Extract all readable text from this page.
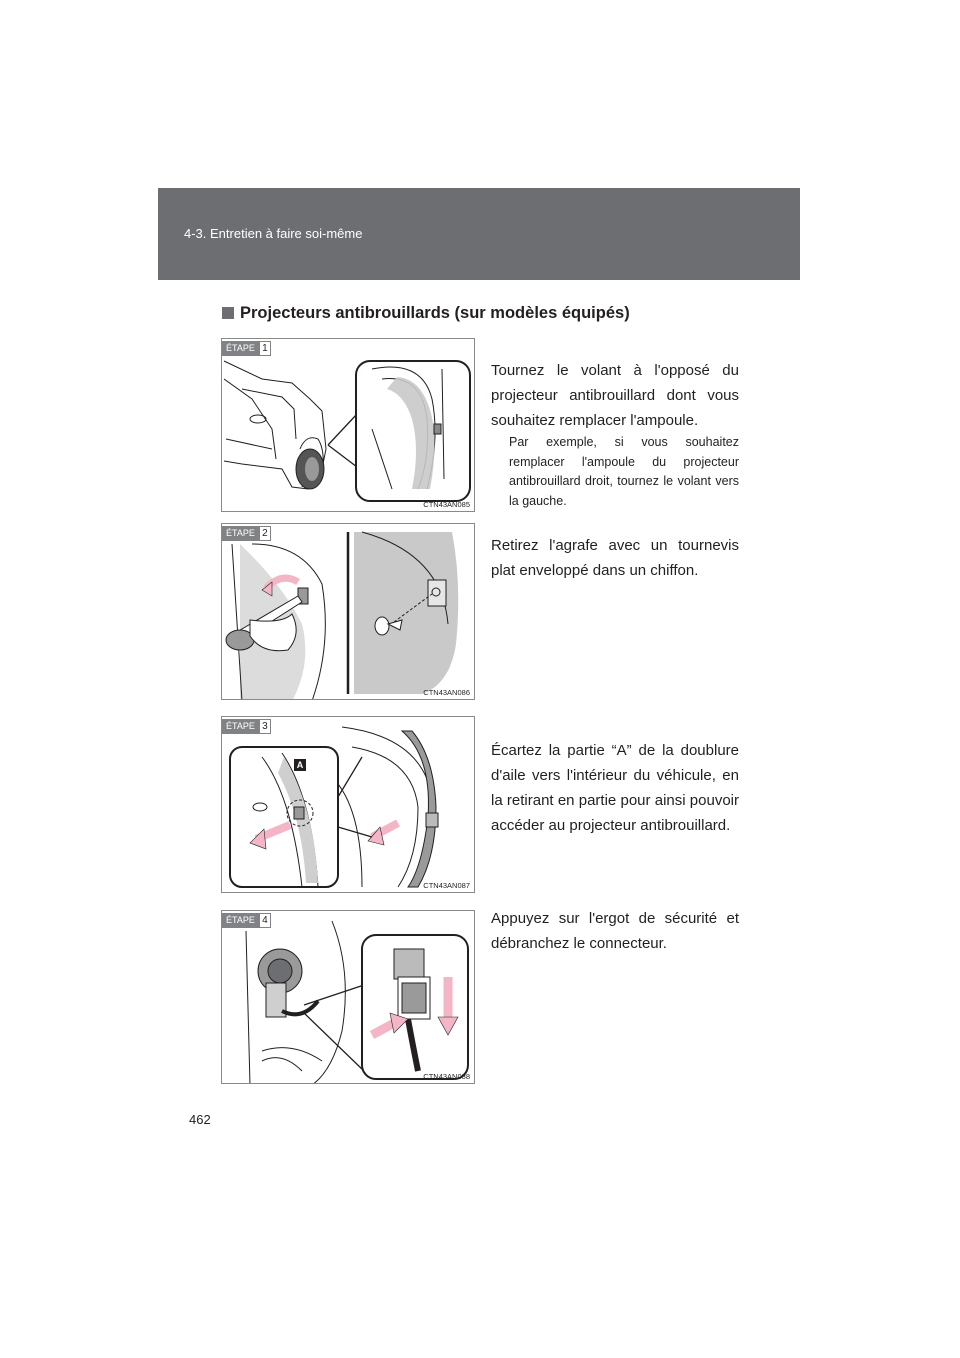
4-3. Entretien à faire soi-même
Projecteurs antibrouillards (sur modèles équipés)
ÉTAPE 1
CTN43AN085
Tournez le volant à l'opposé du projecteur antibrouillard dont vous souhaitez remplacer l'ampoule.
Par exemple, si vous souhaitez remplacer l'ampoule du projecteur antibrouillard droit, tournez le volant vers la gauche.
ÉTAPE 2
CTN43AN086
Retirez l'agrafe avec un tournevis plat enveloppé dans un chiffon.
ÉTAPE 3
CTN43AN087
A
Écartez la partie “A” de la doublure d'aile vers l'intérieur du véhicule, en la retirant en partie pour ainsi pouvoir accéder au projecteur antibrouillard.
ÉTAPE 4
CTN43AN088
Appuyez sur l'ergot de sécurité et débranchez le connecteur.
462
